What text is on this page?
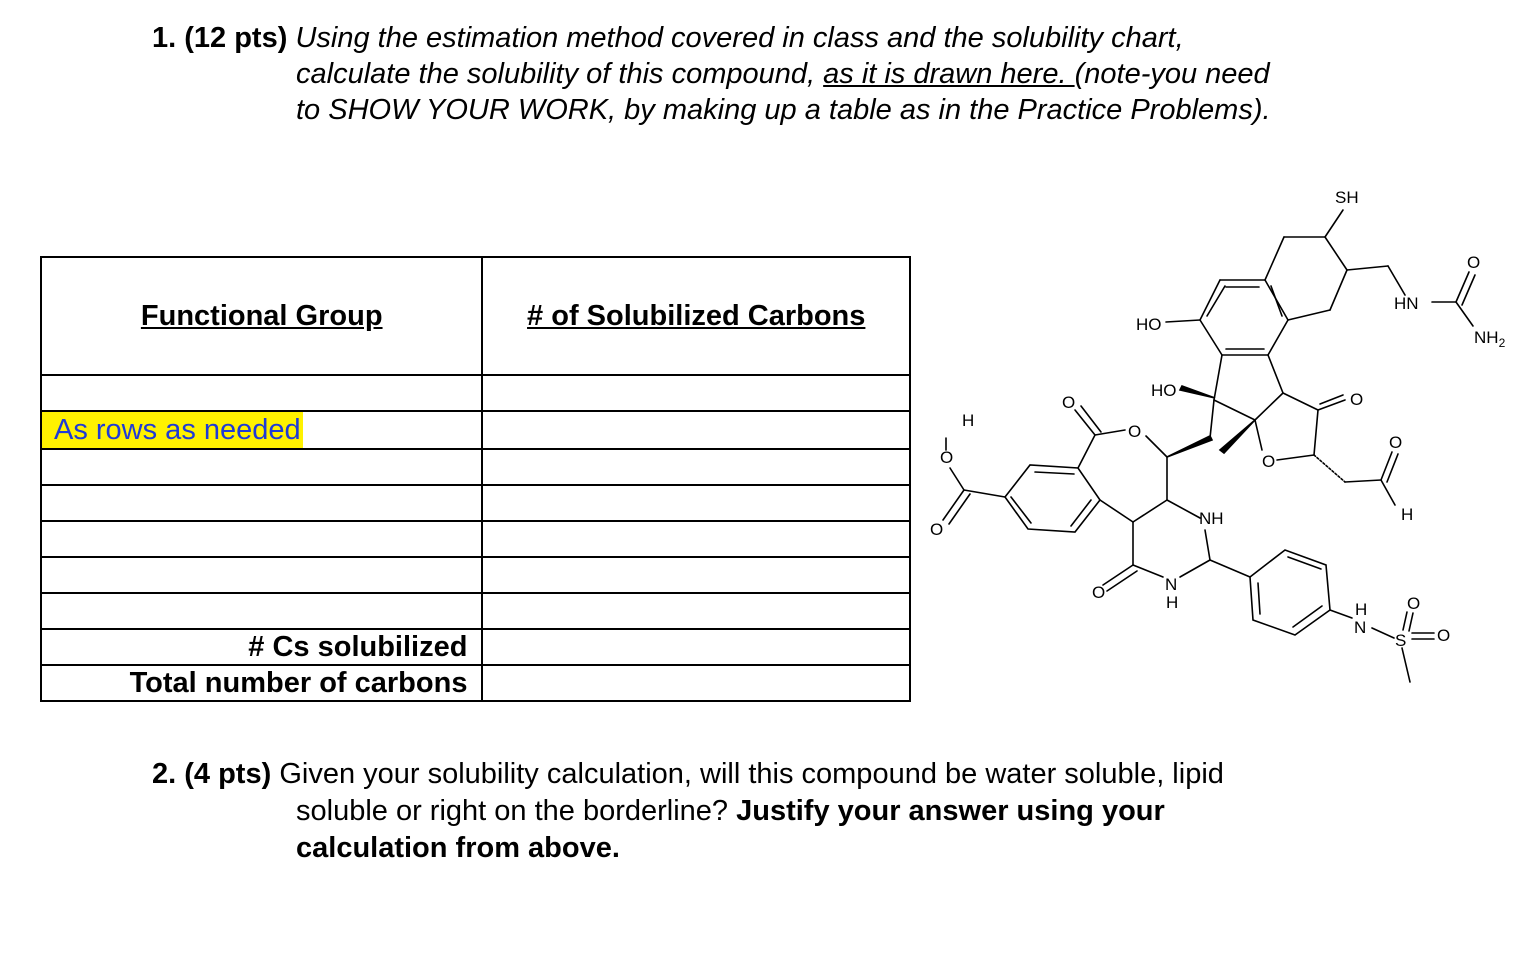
1. (12 pts) Using the estimation method covered in class and the solubility chart,
calculate the solubility of this compound, as it is drawn here. (note-you need
to SHOW YOUR WORK, by making up a table as in the Practice Problems).
Functional Group	# of Solubilized Carbons

As rows as needed	

# Cs solubilized	
Total number of carbons	
SH
HN
O
$NH_2$
HO
HO
O	O
O
O
O
H
O
O
H
NH
N
H
O
N
H
S
O
O
2. (4 pts) Given your solubility calculation, will this compound be water soluble, lipid
soluble or right on the borderline? Justify your answer using your
calculation from above.
